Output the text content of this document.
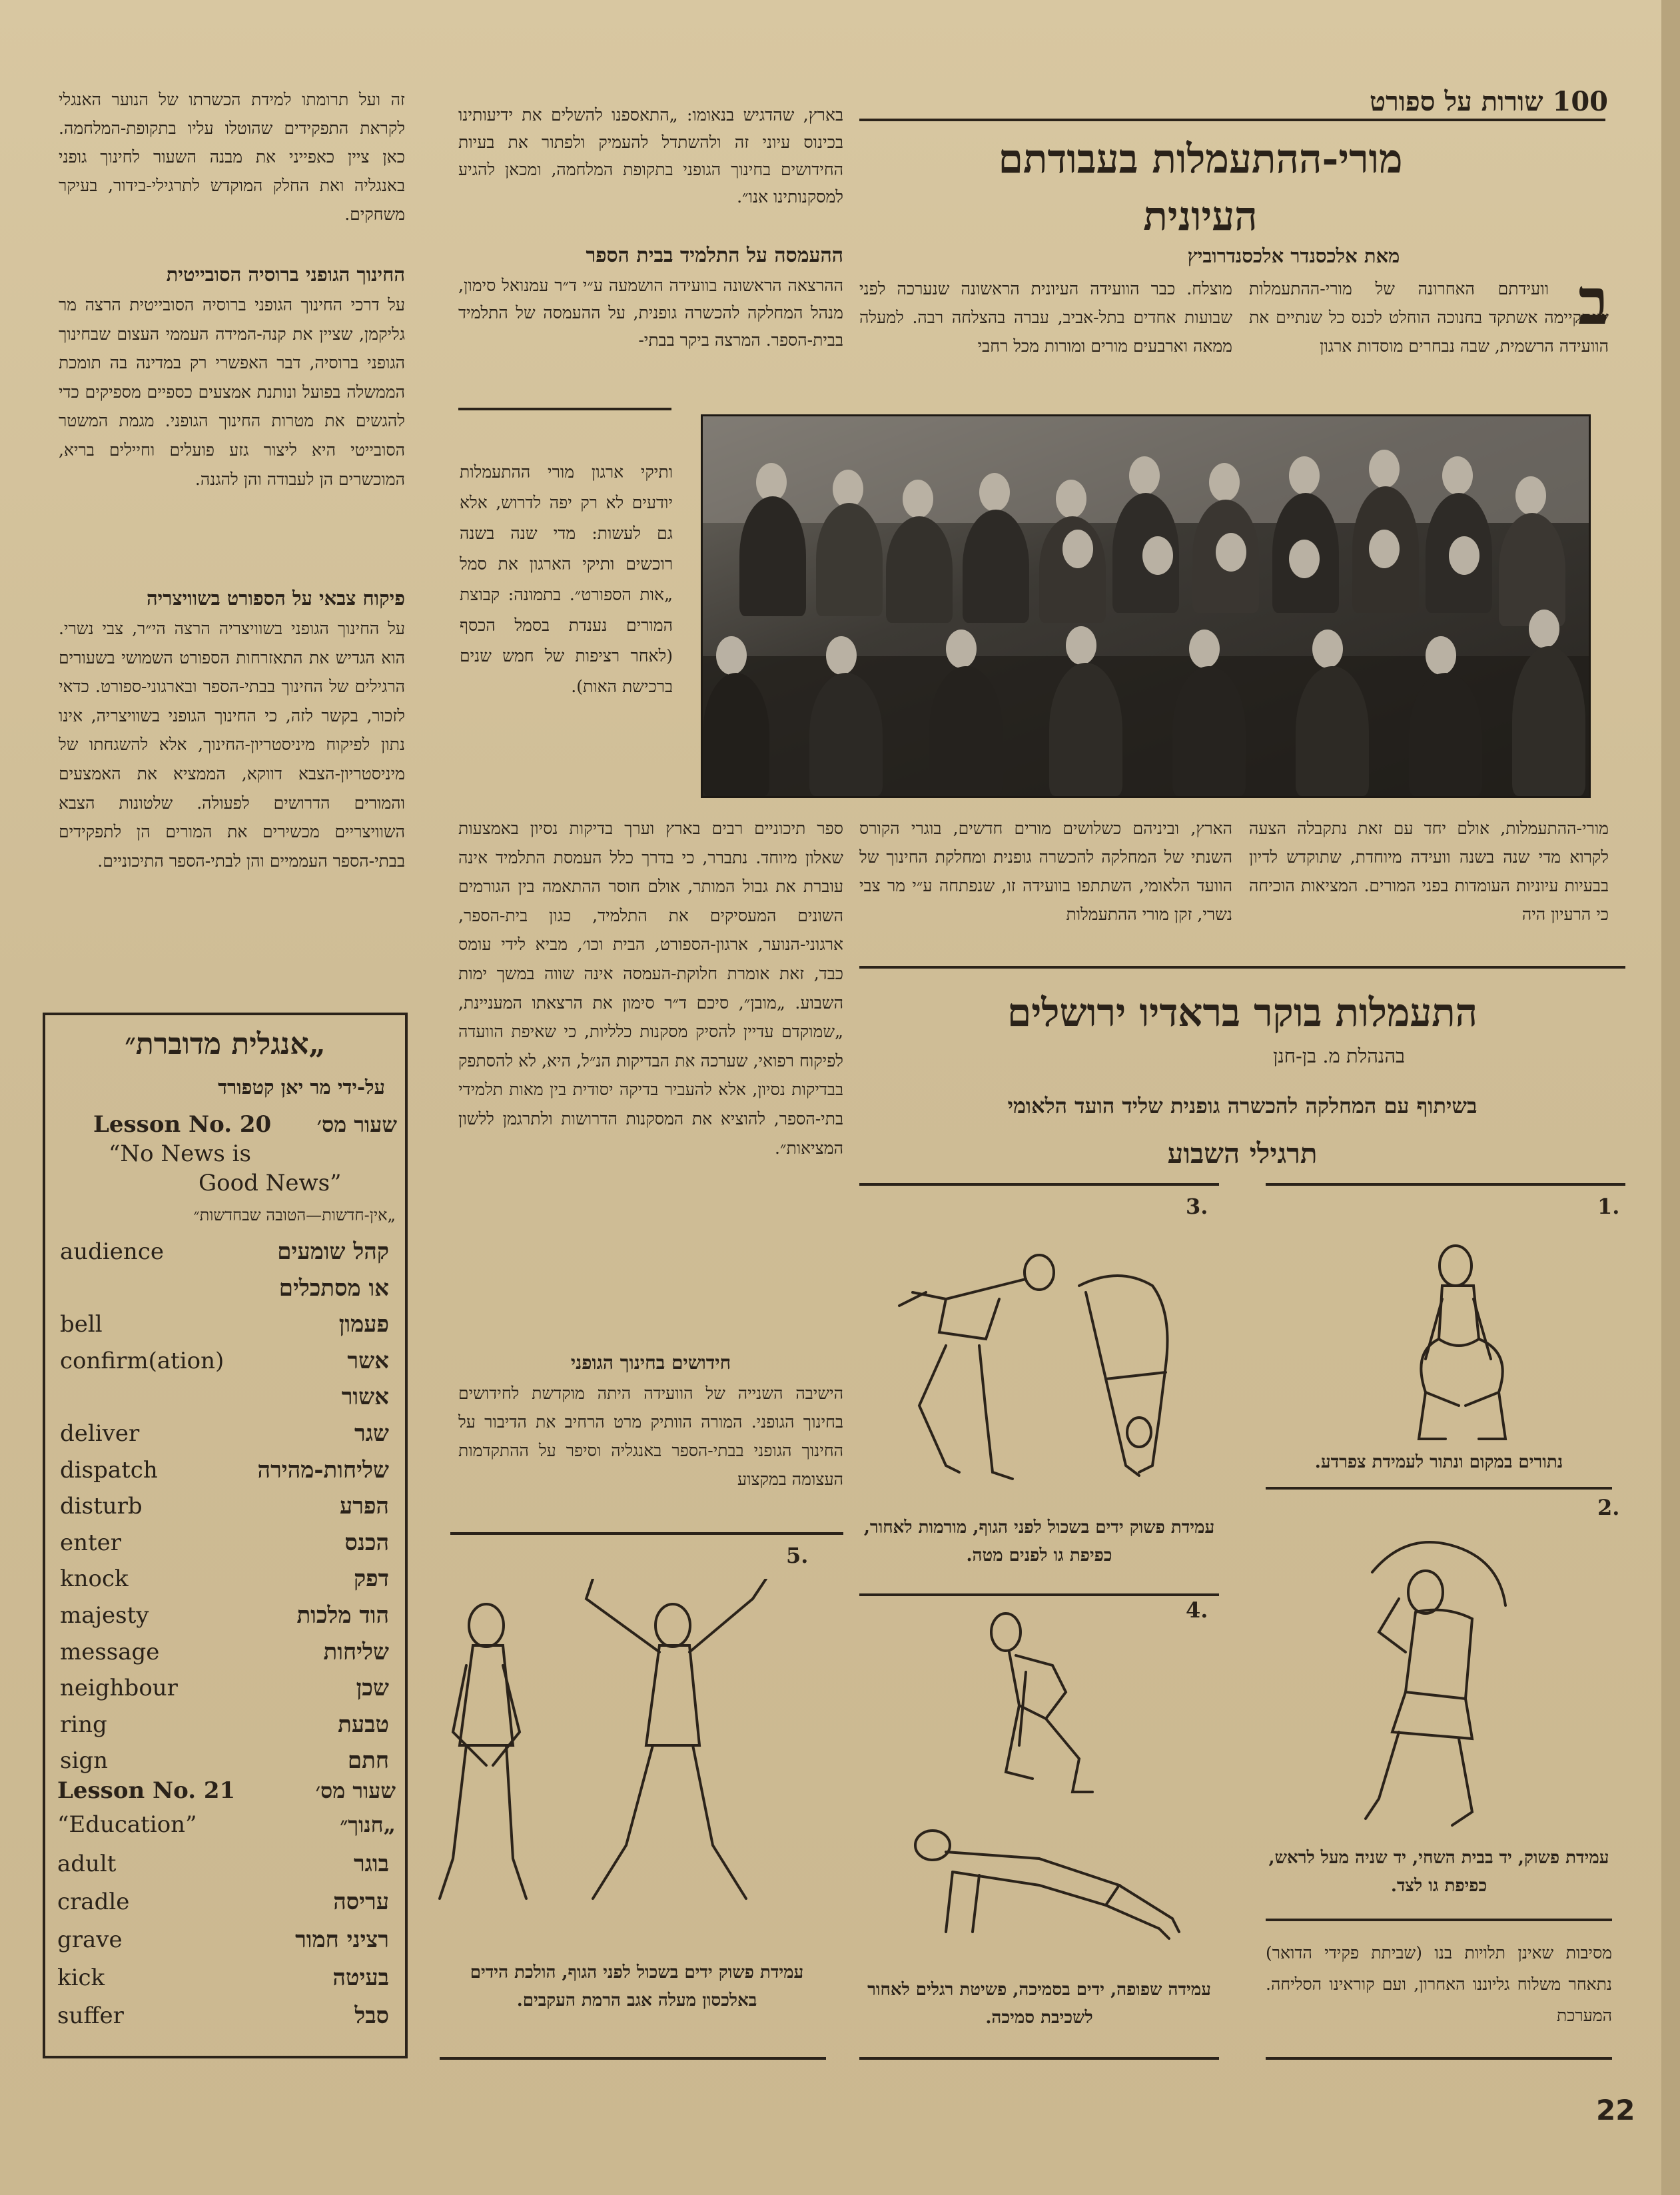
100 שורות על ספורט
מורי-ההתעמלות בעבודתם
העיונית
מאת אלכסנדר אלכסנדרוביץ
ב
וועידתם האחרונה של מורי-ההתעמלות שנתקיימה אשתקד בחנוכה הוחלט לכנס כל שנתיים את הוועידה הרשמית, שבה נבחרים מוסדות ארגון
מוצלח. כבר הוועידה העיונית הראשונה שנערכה לפני שבועות אחדים בתל-אביב, עברה בהצלחה רבה. למעלה ממאה וארבעים מורים ומורות מכל רחבי
בארץ, שהדגיש בנאומו: „התאספנו להשלים את ידיעותינו בכינוס עיוני זה ולהשתדל להעמיק ולפתור את בעיות החידושים בחינוך הגופני בתקופת המלחמה, ומכאן להגיע למסקנותינו אנו״.
ההעמסה על התלמיד בבית הספר
ההרצאה הראשונה בוועידה הושמעה ע״י ד״ר עמנואל סימון, מנהל המחלקה להכשרה גופנית, על ההעמסה של התלמיד בבית-הספר. המרצה ביקר בבתי-
ותיקי ארגון מורי ההתעמלות יודעים לא רק יפה לדרוש, אלא גם לעשות: מדי שנה בשנה רוכשים ותיקי הארגון את סמל „אות הספורט״. בתמונה: קבוצת המורים נענדת בסמל הכסף (לאחר רציפות של חמש שנים ברכישת האות).
מורי-ההתעמלות, אולם יחד עם זאת נתקבלה הצעה לקרוא מדי שנה בשנה וועידה מיוחדת, שתוקדש לדיון בבעיות עיוניות העומדות בפני המורים. המציאות הוכיחה כי הרעיון היה
הארץ, וביניהם כשלושים מורים חדשים, בוגרי הקורס השנתי של המחלקה להכשרה גופנית ומחלקת החינוך של הוועד הלאומי, השתתפו בוועידה זו, שנפתחה ע״י מר צבי נשרי, זקן מורי ההתעמלות
ספר תיכוניים רבים בארץ וערך בדיקות נסיון באמצעות שאלון מיוחד. נתברר, כי בדרך כלל העמסת התלמיד אינה עוברת את גבול המותר, אולם חוסר ההתאמה בין הגורמים השונים המעסיקים את התלמיד, כגון בית-הספר, ארגוני-הנוער, ארגון-הספורט, הבית וכו׳, מביא לידי עומס כבד, זאת אומרת חלוקת-העמסה אינה שווה במשך ימות השבוע. „מובן״, סיכם ד״ר סימון את הרצאתו המעניינת, „שמוקדם עדיין להסיק מסקנות כלליות, כי שאיפת הוועדה לפיקוח רפואי, שערכה את הבדיקות הנ״ל, היא, לא להסתפק בבדיקות נסיון, אלא להעביר בדיקה יסודית בין מאות תלמידי בתי-הספר, להוציא את המסקנות הדרושות ולתרגמן ללשון המציאות״.
חידושים בחינוך הגופני
הישיבה השנייה של הוועידה היתה מוקדשת לחידושים בחינוך הגופני. המורה הוותיק מרט הרחיב את הדיבור על החינוך הגופני בבתי-הספר באנגליה וסיפר על ההתקדמות העצומה במקצוע
זה ועל תרומתו למידת הכשרתו של הנוער האנגלי לקראת התפקידים שהוטלו עליו בתקופת-המלחמה. כאן ציין כאפייני את מבנה השעור לחינוך גופני באנגליה ואת החלק המוקדש לתרגילי-בידור, בעיקר משחקים.
החינוך הגופני ברוסיה הסובייטית
על דרכי החינוך הגופני ברוסיה הסובייטית הרצה מר גליקמן, שציין את קנה-המידה העממי העצום שבחינוך הגופני ברוסיה, דבר האפשרי רק במדינה בה תומכת הממשלה בפועל ונותנת אמצעים כספיים מספיקים כדי להגשים את מטרות החינוך הגופני. מגמת המשטר הסובייטי היא ליצור גזע פועלים וחיילים בריא, המוכשרים הן לעבודה והן להגנה.
פיקוח צבאי על הספורט בשוויצריה
על החינוך הגופני בשוויצריה הרצה הי״ר, צבי נשרי. הוא הגדיש את התאזרחות הספורט השמושי בשעורים הרגילים של החינוך בבתי-הספר ובארגוני-ספורט. כדאי לזכור, בקשר לזה, כי החינוך הגופני בשוויצריה, אינו נתון לפיקוח מיניסטריון-החינוך, אלא להשגחתו של מיניסטריון-הצבא דווקא, הממציא את האמצעים והמורים הדרושים לפעולה. שלטונות הצבא השוויצריים מכשירים את המורים הן לתפקידים בבתי-הספר העממיים והן לבתי-הספר התיכוניים.
„אנגלית מדוברת״
על-ידי מר יאן קטפורד
Lesson No. 20 שעור מס׳
“No News is
Good News”
„אין-חדשות—הטובה שבחדשות״
audience	קהל שומעים
או מסתכלים
bell	פעמון
confirm(ation)	אשר
אשור
deliver	שגר
dispatch	שליחות-מהירה
disturb	הפרע
enter	הכנס
knock	דפק
majesty	הוד מלכות
message	שליחות
neighbour	שכן
ring	טבעת
sign	חתם
Lesson No. 21	שעור מס׳
“Education”	„חנוך״
adult	בוגר
cradle	עריסה
grave	רציני חמור
kick	בעיטה
suffer	סבל
התעמלות בוקר בראדיו ירושלים
בהנהלת מ. בן-חנן
בשיתוף עם המחלקה להכשרה גופנית שליד הועד הלאומי
תרגילי השבוע
1.
נתורים במקום ונתור לעמידת צפרדע.
2.
עמידת פשוק, יד בבית השחי, יד שניה מעל לראש, כפיפת גו לצד.
מסיבות שאינן תלויות בנו (שביתת פקידי הדואר) נתאחר משלוח גליוננו האחרון, ועם קוראינו הסליחה. המערכת
3.
עמידת פשוק ידים בשכול לפני הגוף, מורמות לאחור, כפיפת גו לפנים מטה.
4.
עמידה שפופה, ידים בסמיכה, פשיטת רגלים לאחור לשכיבת סמיכה.
5.
עמידת פשוק ידים בשכול לפני הגוף, הולכת הידים באלכסון מעלה אגב הרמת העקבים.
22
